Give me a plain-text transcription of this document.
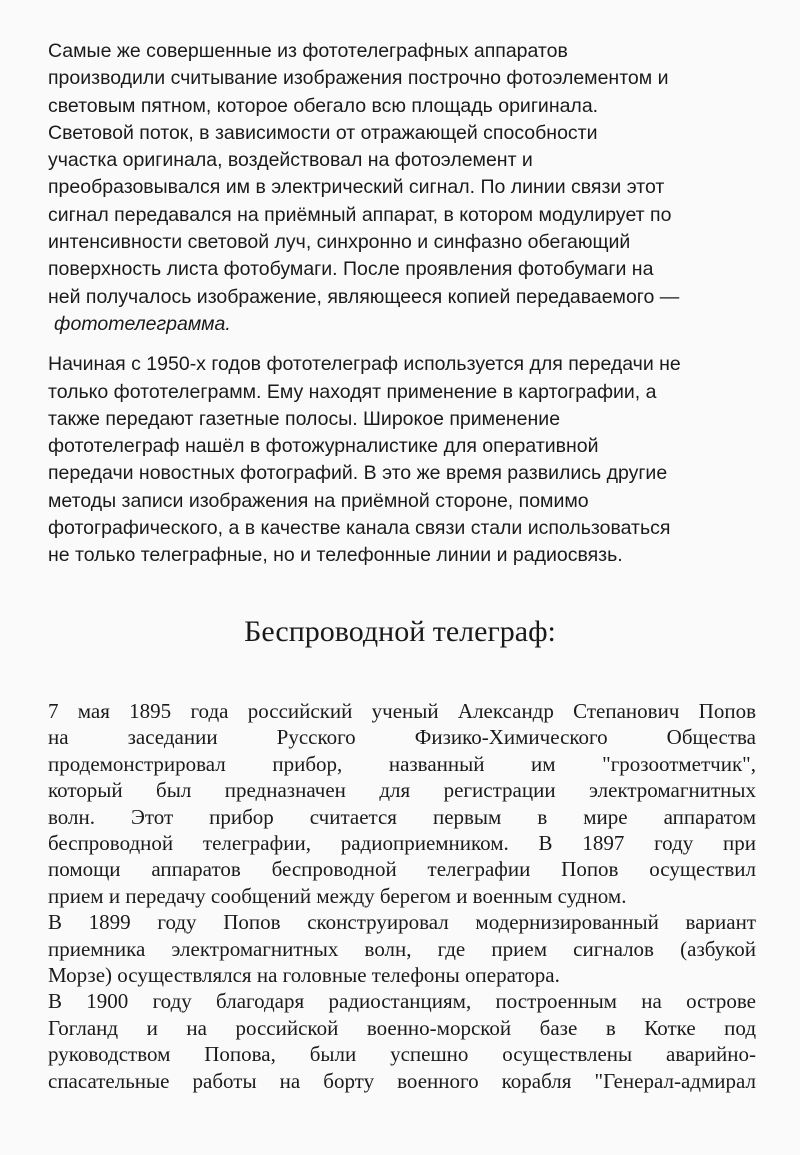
Самые же совершенные из фототелеграфных аппаратов
производили считывание изображения построчно фотоэлементом и
световым пятном, которое обегало всю площадь оригинала.
Световой поток, в зависимости от отражающей способности
участка оригинала, воздействовал на фотоэлемент и
преобразовывался им в электрический сигнал. По линии связи этот
сигнал передавался на приёмный аппарат, в котором модулирует по
интенсивности световой луч, синхронно и синфазно обегающий
поверхность листа фотобумаги. После проявления фотобумаги на
ней получалось изображение, являющееся копией передаваемого —
фототелеграмма.

Начиная с 1950-х годов фототелеграф используется для передачи не
только фототелеграмм. Ему находят применение в картографии, а
также передают газетные полосы. Широкое применение
фототелеграф нашёл в фотожурналистике для оперативной
передачи новостных фотографий. В это же время развились другие
методы записи изображения на приёмной стороне, помимо
фотографического, а в качестве канала связи стали использоваться
не только телеграфные, но и телефонные линии и радиосвязь.

Беспроводной телеграф:

7 мая 1895 года российский ученый Александр Степанович Попов
на заседании Русского Физико-Химического Общества
продемонстрировал прибор, названный им "грозоотметчик",
который был предназначен для регистрации электромагнитных
волн. Этот прибор считается первым в мире аппаратом
беспроводной телеграфии, радиоприемником. В 1897 году при
помощи аппаратов беспроводной телеграфии Попов осуществил
прием и передачу сообщений между берегом и военным судном.

В 1899 году Попов сконструировал модернизированный вариант
приемника электромагнитных волн, где прием сигналов (азбукой
Морзе) осуществлялся на головные телефоны оператора.

В 1900 году благодаря радиостанциям, построенным на острове
Гогланд и на российской военно-морской базе в Котке под
руководством Попова, были успешно осуществлены аварийно-
спасательные работы на борту военного корабля "Генерал-адмирал
